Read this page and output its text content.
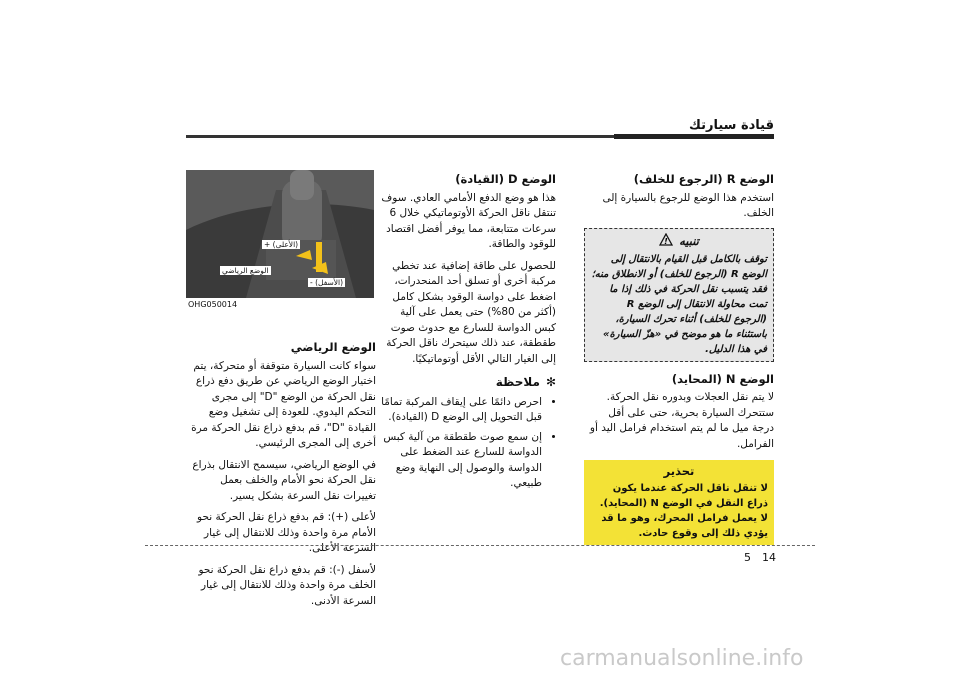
قيادة سيارتك
الوضع R (الرجوع للخلف)
استخدم هذا الوضع للرجوع بالسيارة إلى الخلف.
تنبيه
!
توقف بالكامل قبل القيام بالانتقال إلى الوضع R (الرجوع للخلف) أو الانطلاق منه؛ فقد يتسبب نقل الحركة في ذلك إذا ما تمت محاولة الانتقال إلى الوضع R (الرجوع للخلف) أثناء تحرك السيارة، باستثناء ما هو موضح في «هزّ السيارة» في هذا الدليل.
الوضع N (المحايد)
لا يتم نقل العجلات وبدوره نقل الحركة. ستتحرك السيارة بحرية، حتى على أقل درجة ميل ما لم يتم استخدام فرامل اليد أو الفرامل.
تحذير
لا تنقل ناقل الحركة عندما يكون ذراع النقل في الوضع N (المحايد). لا يعمل فرامل المحرك، وهو ما قد يؤدي ذلك إلى وقوع حادث.
الوضع D (القيادة)
هذا هو وضع الدفع الأمامي العادي. سوف تنتقل ناقل الحركة الأوتوماتيكي خلال 6 سرعات متتابعة، مما يوفر أفضل اقتصاد للوقود والطاقة.
للحصول على طاقة إضافية عند تخطي مركبة أخرى أو تسلق أحد المنحدرات، اضغط على دواسة الوقود بشكل كامل (أكثر من 80%) حتى يعمل على آلية كبس الدواسة للسارع مع حدوث صوت طقطقة، عند ذلك سيتحرك ناقل الحركة إلى الغيار التالي الأقل أوتوماتيكيًا.
✻
ملاحظة
• احرص دائمًا على إيقاف المركبة تمامًا قبل التحويل إلى الوضع D (القيادة).
• إن سمع صوت طقطقة من آلية كبس الدواسة للسارع عند الضغط على الدواسة والوصول إلى النهاية وضع طبيعي.
(الأعلى) +
الوضع الرياضي
(الأسفل) -
OHG050014
الوضع الرياضي
سواء كانت السيارة متوقفة أو متحركة، يتم اختيار الوضع الرياضي عن طريق دفع ذراع نقل الحركة من الوضع "D" إلى مجرى التحكم اليدوي. للعودة إلى تشغيل وضع القيادة "D"، قم بدفع ذراع نقل الحركة مرة أخرى إلى المجرى الرئيسي.
في الوضع الرياضي، سيسمح الانتقال بذراع نقل الحركة نحو الأمام والخلف بعمل تغييرات نقل السرعة بشكل يسير.
لأعلى (+): قم بدفع ذراع نقل الحركة نحو الأمام مرة واحدة وذلك للانتقال إلى غيار السرعة الأعلى.
لأسفل (-): قم بدفع ذراع نقل الحركة نحو الخلف مرة واحدة وذلك للانتقال إلى غيار السرعة الأدنى.
14
5
carmanualsonline.info
